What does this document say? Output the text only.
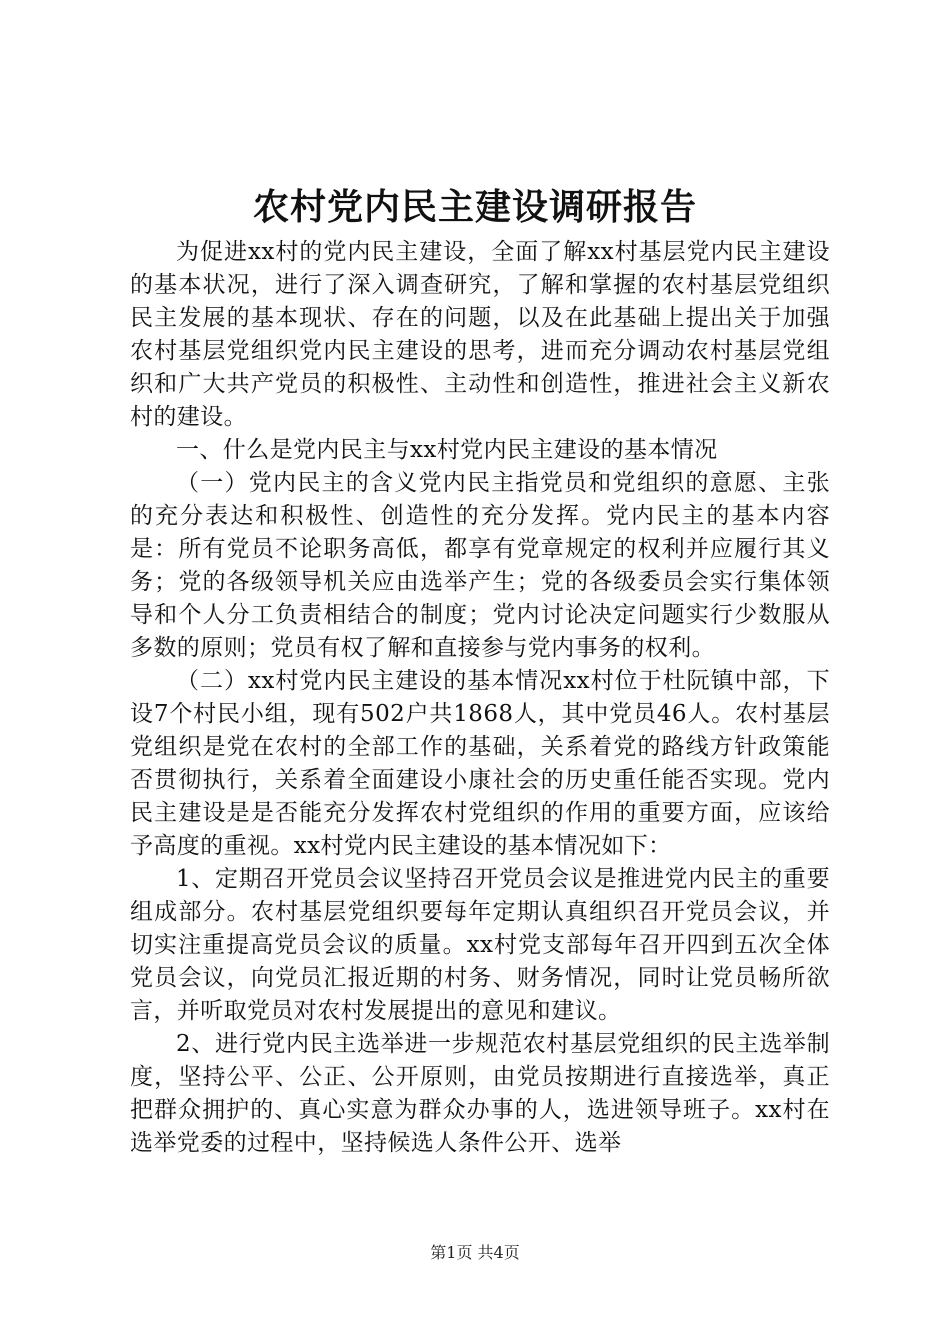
农村党内民主建设调研报告

为促进xx村的党内民主建设，全面了解xx村基层党内民主建设的基本状况，进行了深入调查研究，了解和掌握的农村基层党组织民主发展的基本现状、存在的问题，以及在此基础上提出关于加强农村基层党组织党内民主建设的思考，进而充分调动农村基层党组织和广大共产党员的积极性、主动性和创造性，推进社会主义新农村的建设。

一、什么是党内民主与xx村党内民主建设的基本情况

（一）党内民主的含义党内民主指党员和党组织的意愿、主张的充分表达和积极性、创造性的充分发挥。党内民主的基本内容是：所有党员不论职务高低，都享有党章规定的权利并应履行其义务；党的各级领导机关应由选举产生；党的各级委员会实行集体领导和个人分工负责相结合的制度；党内讨论决定问题实行少数服从多数的原则；党员有权了解和直接参与党内事务的权利。

（二）xx村党内民主建设的基本情况xx村位于杜阮镇中部，下设7个村民小组，现有502户共1868人，其中党员46人。农村基层党组织是党在农村的全部工作的基础，关系着党的路线方针政策能否贯彻执行，关系着全面建设小康社会的历史重任能否实现。党内民主建设是是否能充分发挥农村党组织的作用的重要方面，应该给予高度的重视。xx村党内民主建设的基本情况如下：

1、定期召开党员会议坚持召开党员会议是推进党内民主的重要组成部分。农村基层党组织要每年定期认真组织召开党员会议，并切实注重提高党员会议的质量。xx村党支部每年召开四到五次全体党员会议，向党员汇报近期的村务、财务情况，同时让党员畅所欲言，并听取党员对农村发展提出的意见和建议。

2、进行党内民主选举进一步规范农村基层党组织的民主选举制度，坚持公平、公正、公开原则，由党员按期进行直接选举，真正把群众拥护的、真心实意为群众办事的人，选进领导班子。xx村在选举党委的过程中，坚持候选人条件公开、选举

第1页 共4页
